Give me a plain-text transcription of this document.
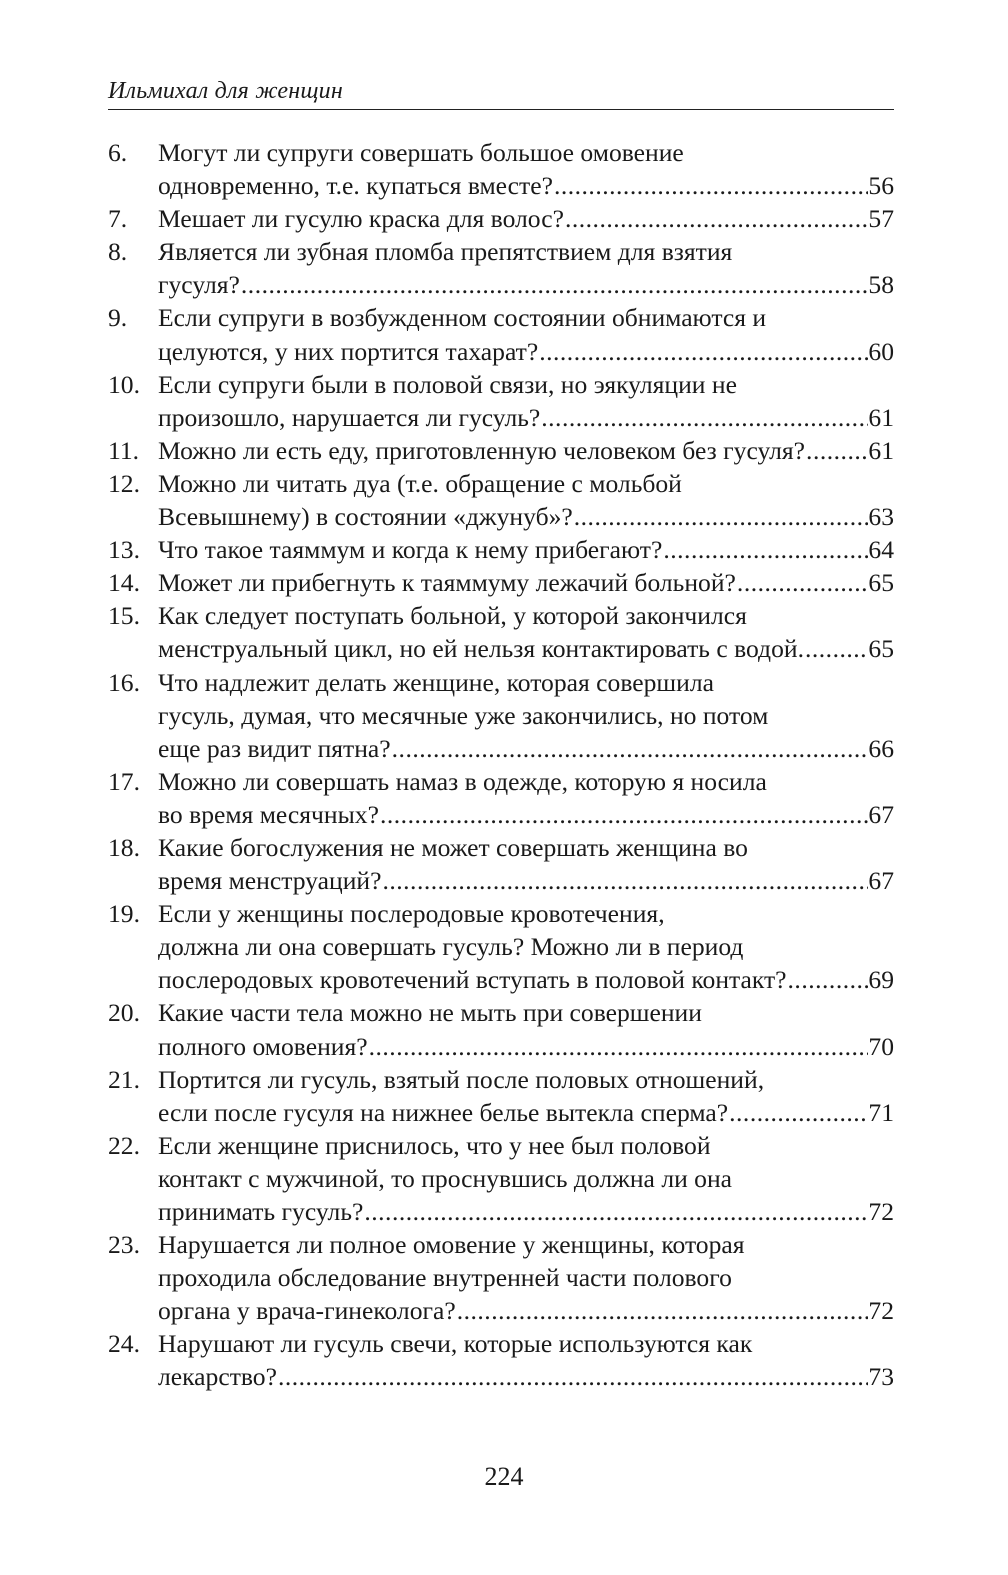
Ильмихал для женщин
6.	Могут ли супруги совершать большое омовение
одновременно, т.е. купаться вместе? .....	56
7.	Мешает ли гусулю краска для волос? .....	57
8.	Является ли зубная пломба препятствием для взятия
гусуля? .....	58
9.	Если супруги в возбужденном состоянии обнимаются и
целуются, у них портится тахарат? .....	60
10. Если супруги были в половой связи, но эякуляции не
произошло, нарушается ли гусуль? .....	61
11. Можно ли есть еду, приготовленную человеком без гусуля? ..... 61
12. Можно ли читать дуа (т.е. обращение с мольбой
Всевышнему) в состоянии «джунуб»? .....	63
13. Что такое таяммум и когда к нему прибегают? .....	64
14. Может ли прибегнуть к таяммуму лежачий больной? .....	65
15. Как следует поступать больной, у которой закончился
менструальный цикл, но ей нельзя контактировать с водой. .....	65
16. Что надлежит делать женщине, которая совершила
гусуль, думая, что месячные уже закончились, но потом
еще раз видит пятна? .....	66
17. Можно ли совершать намаз в одежде, которую я носила
во время месячных? .....	67
18. Какие богослужения не может совершать женщина во
время менструаций? .....	67
19. Если у женщины послеродовые кровотечения,
должна ли она совершать гусуль? Можно ли в период
послеродовых кровотечений вступать в половой контакт? .....	69
20. Какие части тела можно не мыть при совершении
полного омовения? .....	70
21. Портится ли гусуль, взятый после половых отношений,
если после гусуля на нижнее белье вытекла сперма? .....	71
22. Если женщине приснилось, что у нее был половой
контакт с мужчиной, то проснувшись должна ли она
принимать гусуль? .....	72
23. Нарушается ли полное омовение у женщины, которая
проходила обследование внутренней части полового
органа у врача-гинеколога? .....	72
24. Нарушают ли гусуль свечи, которые используются как
лекарство? .....	73
224
